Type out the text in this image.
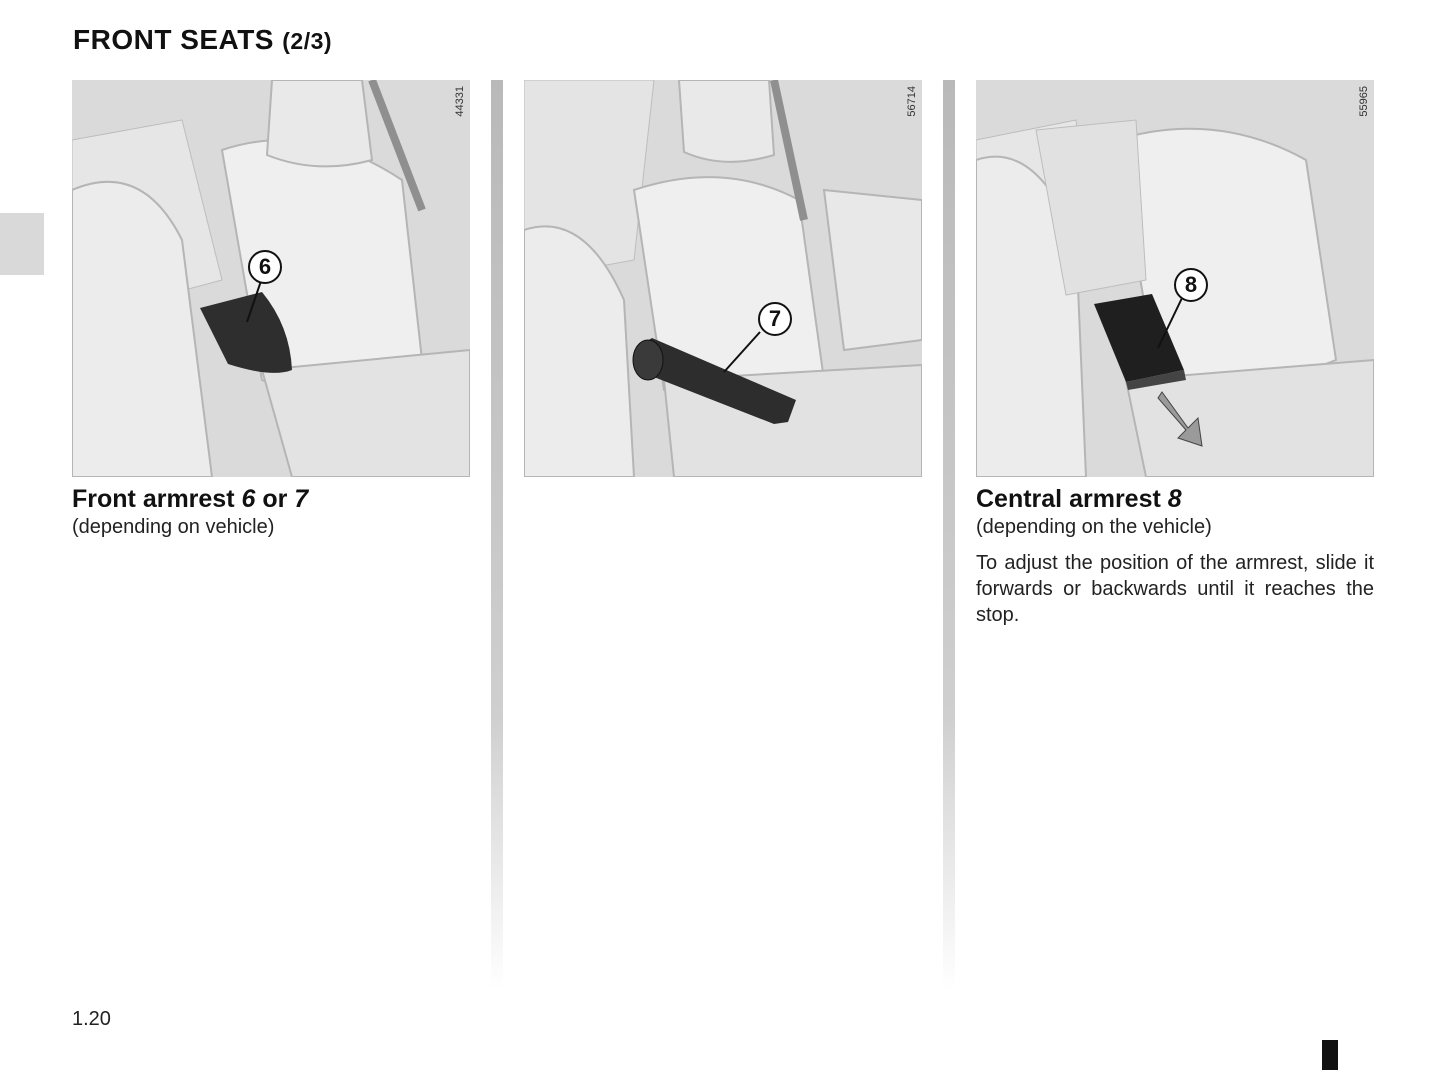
FRONT SEATS (2/3)
44331
6
56714
7
55965
8
Front armrest 6 or 7
(depending on vehicle)
Central armrest 8
(depending on the vehicle)
To adjust the position of the armrest, slide it forwards or backwards until it reaches the stop.
1.20
